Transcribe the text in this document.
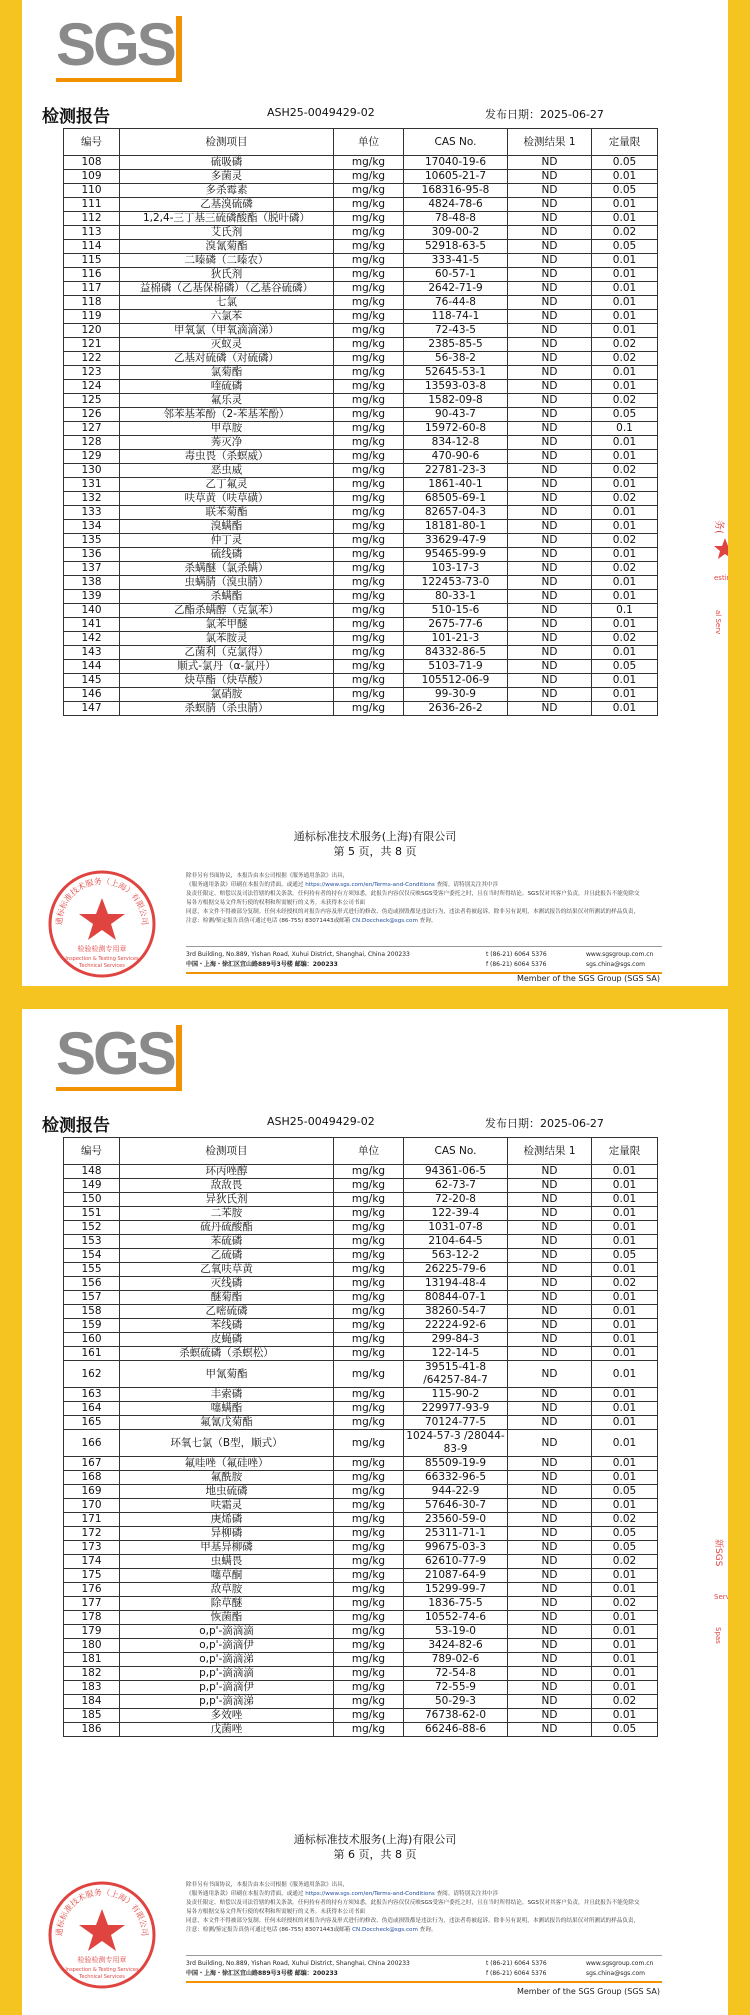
SGS
检测报告	ASH25-0049429-02	发布日期：2025-06-27
编号	检测项目	单位	CAS No.	检测结果 1	定量限
108	硫吸磷	mg/kg	17040-19-6	ND	0.05
109	多菌灵	mg/kg	10605-21-7	ND	0.01
110	多杀霉素	mg/kg	168316-95-8	ND	0.05
111	乙基溴硫磷	mg/kg	4824-78-6	ND	0.01
112	1,2,4-三丁基三硫磷酸酯（脱叶磷）	mg/kg	78-48-8	ND	0.01
113	艾氏剂	mg/kg	309-00-2	ND	0.02
114	溴氰菊酯	mg/kg	52918-63-5	ND	0.05
115	二嗪磷（二嗪农）	mg/kg	333-41-5	ND	0.01
116	狄氏剂	mg/kg	60-57-1	ND	0.01
117	益棉磷（乙基保棉磷）（乙基谷硫磷）	mg/kg	2642-71-9	ND	0.01
118	七氯	mg/kg	76-44-8	ND	0.01
119	六氯苯	mg/kg	118-74-1	ND	0.01
120	甲氧氯（甲氧滴滴涕）	mg/kg	72-43-5	ND	0.01
121	灭蚁灵	mg/kg	2385-85-5	ND	0.02
122	乙基对硫磷（对硫磷）	mg/kg	56-38-2	ND	0.02
123	氯菊酯	mg/kg	52645-53-1	ND	0.01
124	喹硫磷	mg/kg	13593-03-8	ND	0.01
125	氟乐灵	mg/kg	1582-09-8	ND	0.02
126	邻苯基苯酚（2-苯基苯酚）	mg/kg	90-43-7	ND	0.05
127	甲草胺	mg/kg	15972-60-8	ND	0.1
128	莠灭净	mg/kg	834-12-8	ND	0.01
129	毒虫畏（杀螟威）	mg/kg	470-90-6	ND	0.01
130	恶虫威	mg/kg	22781-23-3	ND	0.02
131	乙丁氟灵	mg/kg	1861-40-1	ND	0.01
132	呋草黄（呋草磺）	mg/kg	68505-69-1	ND	0.02
133	联苯菊酯	mg/kg	82657-04-3	ND	0.01
134	溴螨酯	mg/kg	18181-80-1	ND	0.01
135	仲丁灵	mg/kg	33629-47-9	ND	0.02
136	硫线磷	mg/kg	95465-99-9	ND	0.01
137	杀螨醚（氯杀螨）	mg/kg	103-17-3	ND	0.02
138	虫螨腈（溴虫腈）	mg/kg	122453-73-0	ND	0.01
139	杀螨酯	mg/kg	80-33-1	ND	0.01
140	乙酯杀螨醇（克氯苯）	mg/kg	510-15-6	ND	0.1
141	氯苯甲醚	mg/kg	2675-77-6	ND	0.01
142	氯苯胺灵	mg/kg	101-21-3	ND	0.02
143	乙菌利（克氯得）	mg/kg	84332-86-5	ND	0.01
144	顺式-氯丹（α-氯丹）	mg/kg	5103-71-9	ND	0.05
145	炔草酯（炔草酸）	mg/kg	105512-06-9	ND	0.01
146	氯硝胺	mg/kg	99-30-9	ND	0.01
147	杀螟腈（杀虫腈）	mg/kg	2636-26-2	ND	0.01
通标标准技术服务(上海)有限公司
第 5 页，共 8 页
通标标准技术服务（上海）有限公司
检验检测专用章
Inspection & Testing Services
Technical Services
除非另有书面协议，本报告由本公司根据《服务通用条款》出具，
《服务通用条款》印刷在本报告的背面，或通过 https://www.sgs.com/en/Terms-and-Conditions 查阅。请特别关注其中涉
及责任限定、赔偿以及司法管辖的相关条款。任何持有者的持有方须知悉，此报告内容仅仅反映SGS受客户委托之时，且在当时所得结论。SGS仅对其客户负责，并且此报告不能免除交易各方根据交易文件所行使的权利和所需履行的义务。未获得本公司书面
同意，本文件不得被部分复制。任何未经授权的对报告内容及形式进行的修改、伪造或损毁都是违法行为，违法者将被起诉。除非另有说明，本测试报告的结果仅对所测试的样品负责，
注意：检测/鉴定报告真伪可通过电话 (86-755) 83071443或邮箱 CN.Doccheck@sgs.com 查询。
3rd Building, No.889, Yishan Road, Xuhui District, Shanghai, China 200233
中国・上海・徐汇区宜山路889号3号楼 邮编：200233
t (86-21) 6064 5376
f (86-21) 6064 5376
www.sgsgroup.com.cn
sgs.china@sgs.com
Member of the SGS Group (SGS SA)
务(
esting
al Serv
SGS
检测报告	ASH25-0049429-02	发布日期：2025-06-27
编号	检测项目	单位	CAS No.	检测结果 1	定量限
148	环丙唑醇	mg/kg	94361-06-5	ND	0.01
149	敌敌畏	mg/kg	62-73-7	ND	0.01
150	异狄氏剂	mg/kg	72-20-8	ND	0.01
151	二苯胺	mg/kg	122-39-4	ND	0.01
152	硫丹硫酸酯	mg/kg	1031-07-8	ND	0.01
153	苯硫磷	mg/kg	2104-64-5	ND	0.01
154	乙硫磷	mg/kg	563-12-2	ND	0.05
155	乙氧呋草黄	mg/kg	26225-79-6	ND	0.01
156	灭线磷	mg/kg	13194-48-4	ND	0.02
157	醚菊酯	mg/kg	80844-07-1	ND	0.01
158	乙嘧硫磷	mg/kg	38260-54-7	ND	0.01
159	苯线磷	mg/kg	22224-92-6	ND	0.01
160	皮蝇磷	mg/kg	299-84-3	ND	0.01
161	杀螟硫磷（杀螟松）	mg/kg	122-14-5	ND	0.01
162	甲氰菊酯	mg/kg	39515-41-8 /64257-84-7	ND	0.01
163	丰索磷	mg/kg	115-90-2	ND	0.01
164	噻螨酯	mg/kg	229977-93-9	ND	0.01
165	氟氰戊菊酯	mg/kg	70124-77-5	ND	0.01
166	环氧七氯（B型，顺式）	mg/kg	1024-57-3 /28044-83-9	ND	0.01
167	氟哇唑（氟硅唑）	mg/kg	85509-19-9	ND	0.01
168	氟酰胺	mg/kg	66332-96-5	ND	0.01
169	地虫硫磷	mg/kg	944-22-9	ND	0.05
170	呋霜灵	mg/kg	57646-30-7	ND	0.01
171	庚烯磷	mg/kg	23560-59-0	ND	0.02
172	异柳磷	mg/kg	25311-71-1	ND	0.05
173	甲基异柳磷	mg/kg	99675-03-3	ND	0.05
174	虫螨畏	mg/kg	62610-77-9	ND	0.02
175	噻草酮	mg/kg	21087-64-9	ND	0.01
176	敌草胺	mg/kg	15299-99-7	ND	0.01
177	除草醚	mg/kg	1836-75-5	ND	0.02
178	恢菌酯	mg/kg	10552-74-6	ND	0.01
179	o,p'-滴滴滴	mg/kg	53-19-0	ND	0.01
180	o,p'-滴滴伊	mg/kg	3424-82-6	ND	0.01
181	o,p'-滴滴涕	mg/kg	789-02-6	ND	0.01
182	p,p'-滴滴滴	mg/kg	72-54-8	ND	0.01
183	p,p'-滴滴伊	mg/kg	72-55-9	ND	0.01
184	p,p'-滴滴涕	mg/kg	50-29-3	ND	0.02
185	多效唑	mg/kg	76738-62-0	ND	0.01
186	戊菌唑	mg/kg	66246-88-6	ND	0.05
通标标准技术服务(上海)有限公司
第 6 页，共 8 页
通标标准技术服务（上海）有限公司
检验检测专用章
Inspection & Testing Services
Technical Services
除非另有书面协议，本报告由本公司根据《服务通用条款》出具，
《服务通用条款》印刷在本报告的背面，或通过 https://www.sgs.com/en/Terms-and-Conditions 查阅。请特别关注其中涉
及责任限定、赔偿以及司法管辖的相关条款。任何持有者的持有方须知悉，此报告内容仅仅反映SGS受客户委托之时，且在当时所得结论。SGS仅对其客户负责，并且此报告不能免除交易各方根据交易文件所行使的权利和所需履行的义务。未获得本公司书面
同意，本文件不得被部分复制。任何未经授权的对报告内容及形式进行的修改、伪造或损毁都是违法行为，违法者将被起诉。除非另有说明，本测试报告的结果仅对所测试的样品负责，
注意：检测/鉴定报告真伪可通过电话 (86-755) 83071443或邮箱 CN.Doccheck@sgs.com 查询。
3rd Building, No.889, Yishan Road, Xuhui District, Shanghai, China 200233
中国・上海・徐汇区宜山路889号3号楼 邮编：200233
t (86-21) 6064 5376
f (86-21) 6064 5376
www.sgsgroup.com.cn
sgs.china@sgs.com
Member of the SGS Group (SGS SA)
新SGS
Servic
Spas
